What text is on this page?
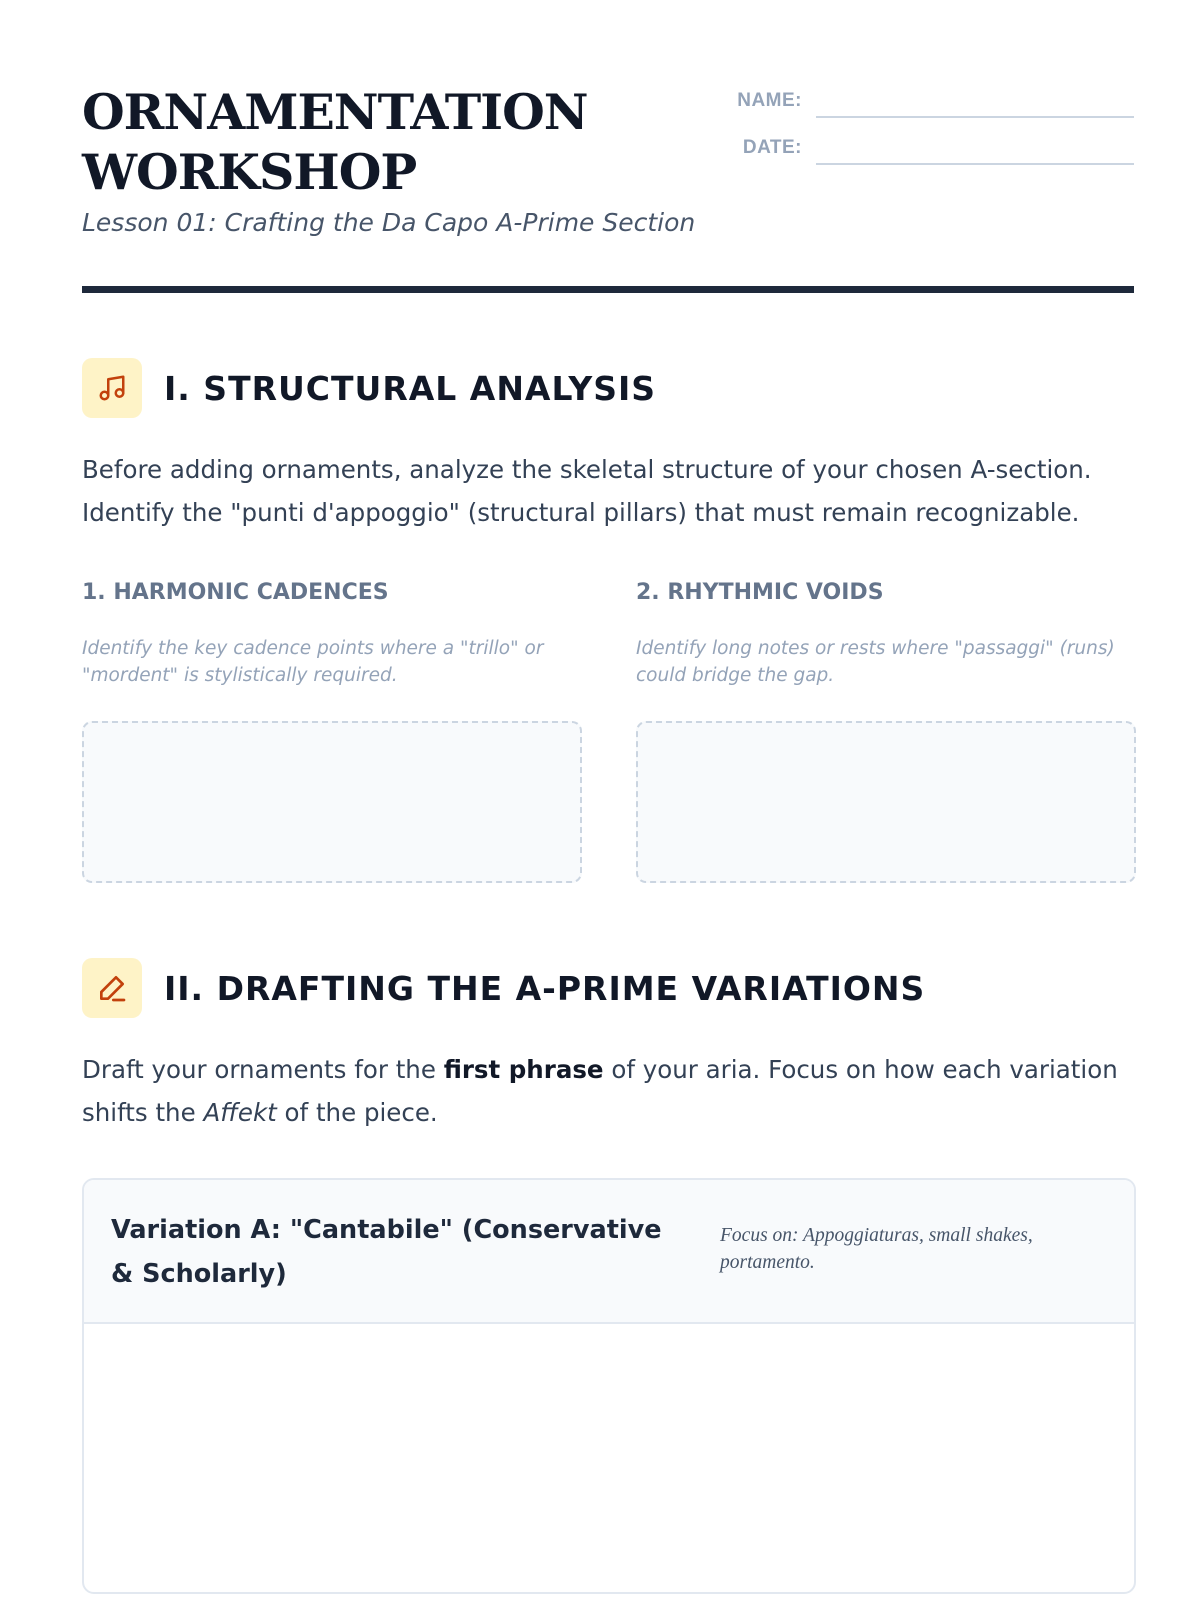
ORNAMENTATION
WORKSHOP

Lesson 01: Crafting the Da Capo A-Prime Section

NAME:
DATE:
I. STRUCTURAL ANALYSIS

Before adding ornaments, analyze the skeletal structure of your chosen A-section. Identify the "punti d'appoggio" (structural pillars) that must remain recognizable.

1. HARMONIC CADENCES

Identify the key cadence points where a "trillo" or "mordent" is stylistically required.

2. RHYTHMIC VOIDS

Identify long notes or rests where "passaggi" (runs) could bridge the gap.

II. DRAFTING THE A-PRIME VARIATIONS

Draft your ornaments for the first phrase of your aria. Focus on how each variation shifts the Affekt of the piece.

Variation A: "Cantabile" (Conservative & Scholarly)

Focus on: Appoggiaturas, small shakes, portamento.
